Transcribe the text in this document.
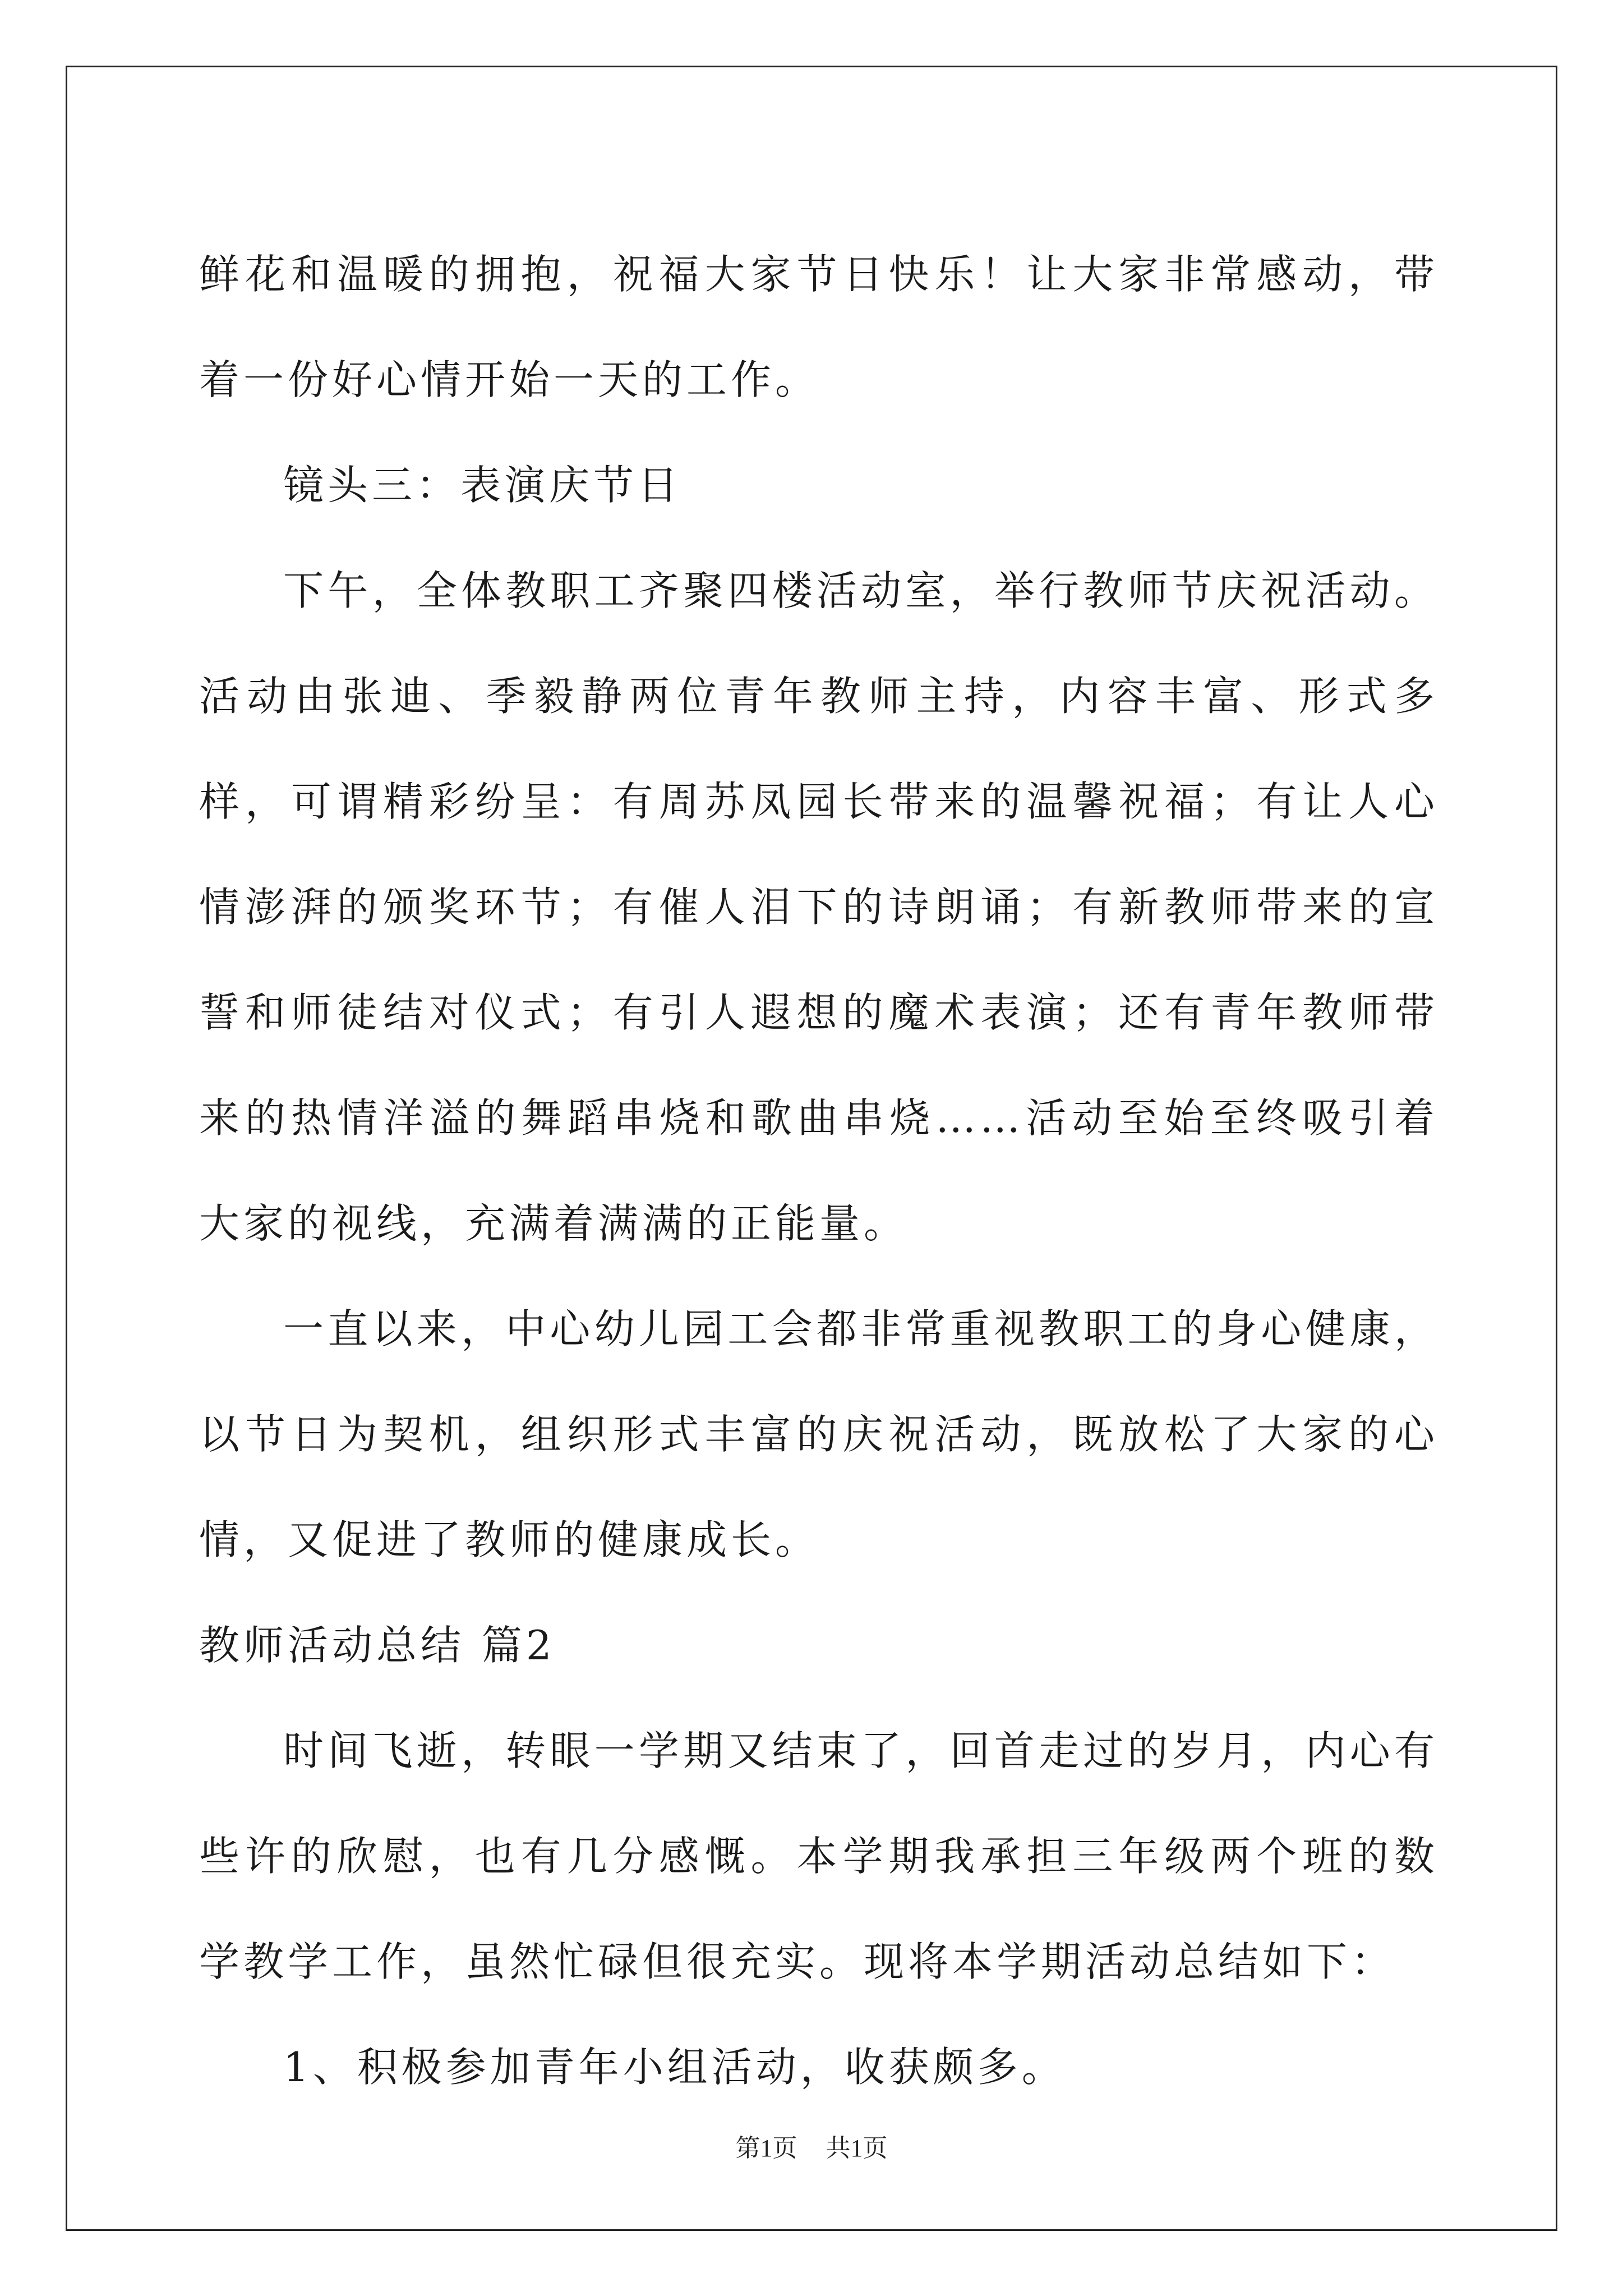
鲜花和温暖的拥抱，祝福大家节日快乐！让大家非常感动，带着一份好心情开始一天的工作。

镜头三：表演庆节日

下午，全体教职工齐聚四楼活动室，举行教师节庆祝活动。活动由张迪、季毅静两位青年教师主持，内容丰富、形式多样，可谓精彩纷呈：有周苏凤园长带来的温馨祝福；有让人心情澎湃的颁奖环节；有催人泪下的诗朗诵；有新教师带来的宣誓和师徒结对仪式；有引人遐想的魔术表演；还有青年教师带来的热情洋溢的舞蹈串烧和歌曲串烧……活动至始至终吸引着大家的视线，充满着满满的正能量。

一直以来，中心幼儿园工会都非常重视教职工的身心健康，以节日为契机，组织形式丰富的庆祝活动，既放松了大家的心情，又促进了教师的健康成长。

教师活动总结 篇2

时间飞逝，转眼一学期又结束了，回首走过的岁月，内心有些许的欣慰，也有几分感慨。本学期我承担三年级两个班的数学教学工作，虽然忙碌但很充实。现将本学期活动总结如下：

1、积极参加青年小组活动，收获颇多。

第1页 共1页
